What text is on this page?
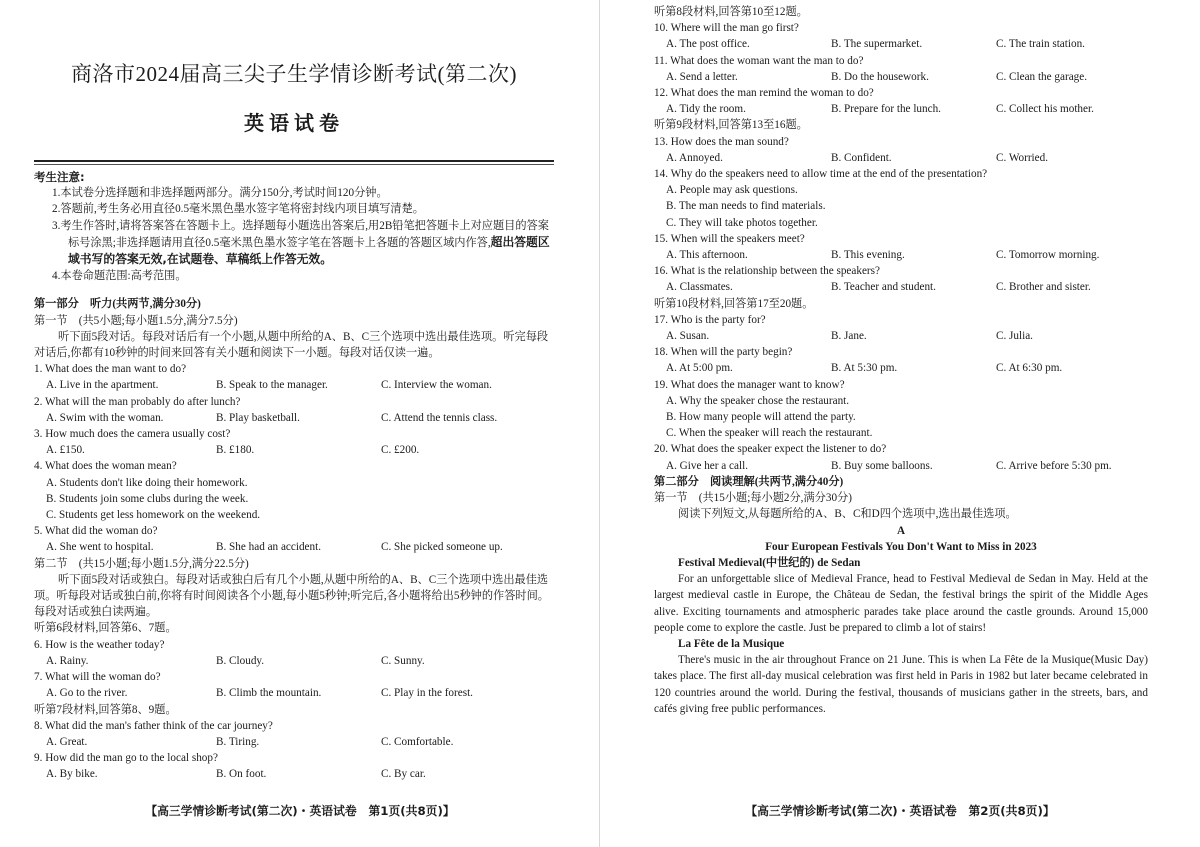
商洛市2024届高三尖子生学情诊断考试(第二次)
英语试卷
考生注意:
1.本试卷分选择题和非选择题两部分。满分150分,考试时间120分钟。
2.答题前,考生务必用直径0.5毫米黑色墨水签字笔将密封线内项目填写清楚。
3.考生作答时,请将答案答在答题卡上。选择题每小题选出答案后,用2B铅笔把答题卡上对应题目的答案标号涂黑;非选择题请用直径0.5毫米黑色墨水签字笔在答题卡上各题的答题区域内作答,超出答题区域书写的答案无效,在试题卷、草稿纸上作答无效。
4.本卷命题范围:高考范围。
第一部分　听力(共两节,满分30分)
第一节　(共5小题;每小题1.5分,满分7.5分)
听下面5段对话。每段对话后有一个小题,从题中所给的A、B、C三个选项中选出最佳选项。听完每段对话后,你都有10秒钟的时间来回答有关小题和阅读下一小题。每段对话仅读一遍。
1. What does the man want to do?
A. Live in the apartment.	B. Speak to the manager.	C. Interview the woman.
2. What will the man probably do after lunch?
A. Swim with the woman.	B. Play basketball.	C. Attend the tennis class.
3. How much does the camera usually cost?
A. £150.	B. £180.	C. £200.
4. What does the woman mean?
A. Students don't like doing their homework.
B. Students join some clubs during the week.
C. Students get less homework on the weekend.
5. What did the woman do?
A. She went to hospital.	B. She had an accident.	C. She picked someone up.
第二节　(共15小题;每小题1.5分,满分22.5分)
听下面5段对话或独白。每段对话或独白后有几个小题,从题中所给的A、B、C三个选项中选出最佳选项。听每段对话或独白前,你将有时间阅读各个小题,每小题5秒钟;听完后,各小题将给出5秒钟的作答时间。每段对话或独白读两遍。
听第6段材料,回答第6、7题。
6. How is the weather today?
A. Rainy.	B. Cloudy.	C. Sunny.
7. What will the woman do?
A. Go to the river.	B. Climb the mountain.	C. Play in the forest.
听第7段材料,回答第8、9题。
8. What did the man's father think of the car journey?
A. Great.	B. Tiring.	C. Comfortable.
9. How did the man go to the local shop?
A. By bike.	B. On foot.	C. By car.
【高三学情诊断考试(第二次)・英语试卷　第1页(共8页)】
听第8段材料,回答第10至12题。
10. Where will the man go first?
A. The post office.	B. The supermarket.	C. The train station.
11. What does the woman want the man to do?
A. Send a letter.	B. Do the housework.	C. Clean the garage.
12. What does the man remind the woman to do?
A. Tidy the room.	B. Prepare for the lunch.	C. Collect his mother.
听第9段材料,回答第13至16题。
13. How does the man sound?
A. Annoyed.	B. Confident.	C. Worried.
14. Why do the speakers need to allow time at the end of the presentation?
A. People may ask questions.
B. The man needs to find materials.
C. They will take photos together.
15. When will the speakers meet?
A. This afternoon.	B. This evening.	C. Tomorrow morning.
16. What is the relationship between the speakers?
A. Classmates.	B. Teacher and student.	C. Brother and sister.
听第10段材料,回答第17至20题。
17. Who is the party for?
A. Susan.	B. Jane.	C. Julia.
18. When will the party begin?
A. At 5:00 pm.	B. At 5:30 pm.	C. At 6:30 pm.
19. What does the manager want to know?
A. Why the speaker chose the restaurant.
B. How many people will attend the party.
C. When the speaker will reach the restaurant.
20. What does the speaker expect the listener to do?
A. Give her a call.	B. Buy some balloons.	C. Arrive before 5:30 pm.
第二部分　阅读理解(共两节,满分40分)
第一节　(共15小题;每小题2分,满分30分)
阅读下列短文,从每题所给的A、B、C和D四个选项中,选出最佳选项。
A
Four European Festivals You Don't Want to Miss in 2023
Festival Medieval(中世纪的) de Sedan
For an unforgettable slice of Medieval France, head to Festival Medieval de Sedan in May. Held at the largest medieval castle in Europe, the Château de Sedan, the festival brings the spirit of the Middle Ages alive. Exciting tournaments and atmospheric parades take place around the castle grounds. Around 15,000 people come to explore the castle. Just be prepared to climb a lot of stairs!
La Fête de la Musique
There's music in the air throughout France on 21 June. This is when La Fête de la Musique(Music Day) takes place. The first all-day musical celebration was first held in Paris in 1982 but later became celebrated in 120 countries around the world. During the festival, thousands of musicians gather in the streets, bars, and cafés giving free public performances.
【高三学情诊断考试(第二次)・英语试卷　第2页(共8页)】
